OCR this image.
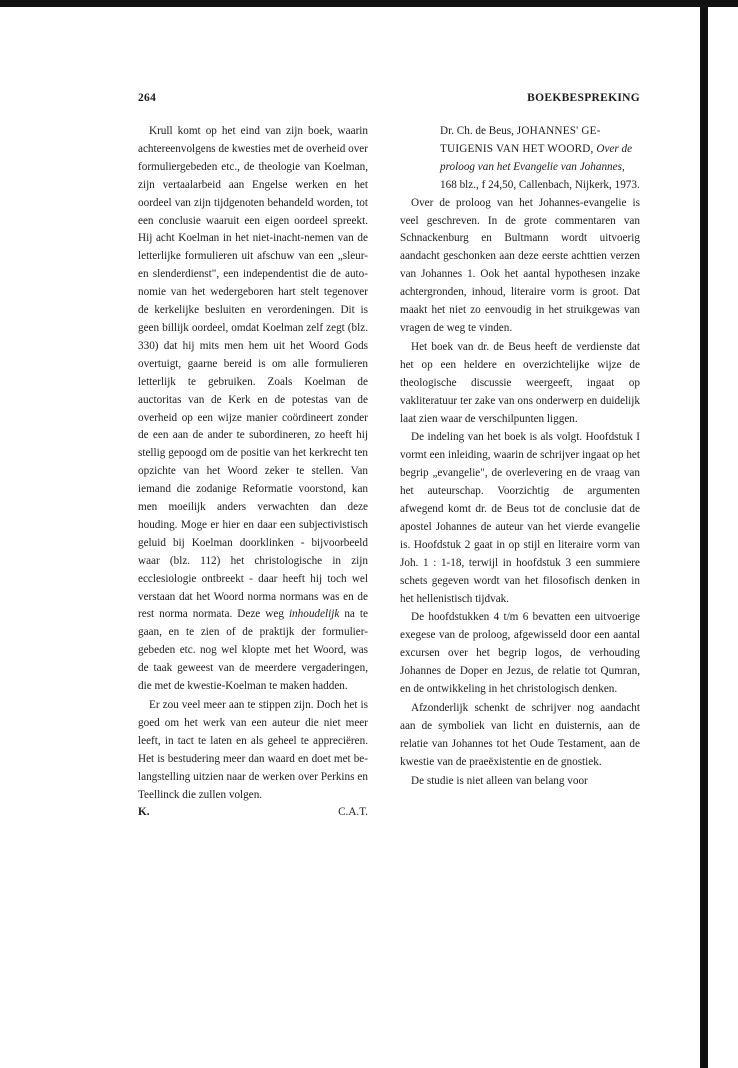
264	BOEKBESPREKING

Krull komt op het eind van zijn boek, waarin achtereenvolgens de kwesties met de overheid over formuliergebeden etc., de theologie van Koelman, zijn vertaalarbeid aan Engelse werken en het oordeel van zijn tijdgenoten behandeld worden, tot een conclusie waaruit een eigen oordeel spreekt. Hij acht Koelman in het niet-inacht-nemen van de letterlijke formulieren uit afschuw van een „sleur- en slenderdienst", een independentist die de autonomie van het wedergeboren hart stelt tegenover de kerkelijke besluiten en verordeningen. Dit is geen billijk oordeel, omdat Koelman zelf zegt (blz. 330) dat hij mits men hem uit het Woord Gods overtuigt, gaarne bereid is om alle formulieren letterlijk te gebruiken. Zoals Koelman de auctoritas van de Kerk en de potestas van de overheid op een wijze manier coördineert zonder de een aan de ander te subordineren, zo heeft hij stellig gepoogd om de positie van het kerkrecht ten opzichte van het Woord zeker te stellen. Van iemand die zodanige Reformatie voorstond, kan men moeilijk anders verwachten dan deze houding. Moge er hier en daar een subjectivistisch geluid bij Koelman doorklinken - bijvoorbeeld waar (blz. 112) het christologische in zijn ecclesiologie ontbreekt - daar heeft hij toch wel verstaan dat het Woord norma normans was en de rest norma normata. Deze weg inhoudelijk na te gaan, en te zien of de praktijk der formulier-gebeden etc. nog wel klopte met het Woord, was de taak geweest van de meerdere vergaderingen, die met de kwestie-Koelman te maken hadden.

Er zou veel meer aan te stippen zijn. Doch het is goed om het werk van een auteur die niet meer leeft, in tact te laten en als geheel te appreciëren. Het is bestudering meer dan waard en doet met belangstelling uitzien naar de werken over Perkins en Teellinck die zullen volgen.

K.	C.A.T.

Dr. Ch. de Beus, JOHANNES' GETUIGENIS VAN HET WOORD, Over de proloog van het Evangelie van Johannes, 168 blz., f 24,50, Callenbach, Nijkerk, 1973.

Over de proloog van het Johannes-evangelie is veel geschreven. In de grote commentaren van Schnackenburg en Bultmann wordt uitvoerig aandacht geschonken aan deze eerste achttien verzen van Johannes 1. Ook het aantal hypothesen inzake achtergronden, inhoud, literaire vorm is groot. Dat maakt het niet zo eenvoudig in het struikgewas van vragen de weg te vinden.

Het boek van dr. de Beus heeft de verdienste dat het op een heldere en overzichtelijke wijze de theologische discussie weergeeft, ingaat op vakliteratuur ter zake van ons onderwerp en duidelijk laat zien waar de verschilpunten liggen.

De indeling van het boek is als volgt. Hoofdstuk I vormt een inleiding, waarin de schrijver ingaat op het begrip „evangelie", de overlevering en de vraag van het auteurschap. Voorzichtig de argumenten afwegend komt dr. de Beus tot de conclusie dat de apostel Johannes de auteur van het vierde evangelie is. Hoofdstuk 2 gaat in op stijl en literaire vorm van Joh. 1 : 1-18, terwijl in hoofdstuk 3 een summiere schets gegeven wordt van het filosofisch denken in het hellenistisch tijdvak.

De hoofdstukken 4 t/m 6 bevatten een uitvoerige exegese van de proloog, afgewisseld door een aantal excursen over het begrip logos, de verhouding Johannes de Doper en Jezus, de relatie tot Qumran, en de ontwikkeling in het christologisch denken.

Afzonderlijk schenkt de schrijver nog aandacht aan de symboliek van licht en duisternis, aan de relatie van Johannes tot het Oude Testament, aan de kwestie van de praeëxistentie en de gnostiek.

De studie is niet alleen van belang voor
